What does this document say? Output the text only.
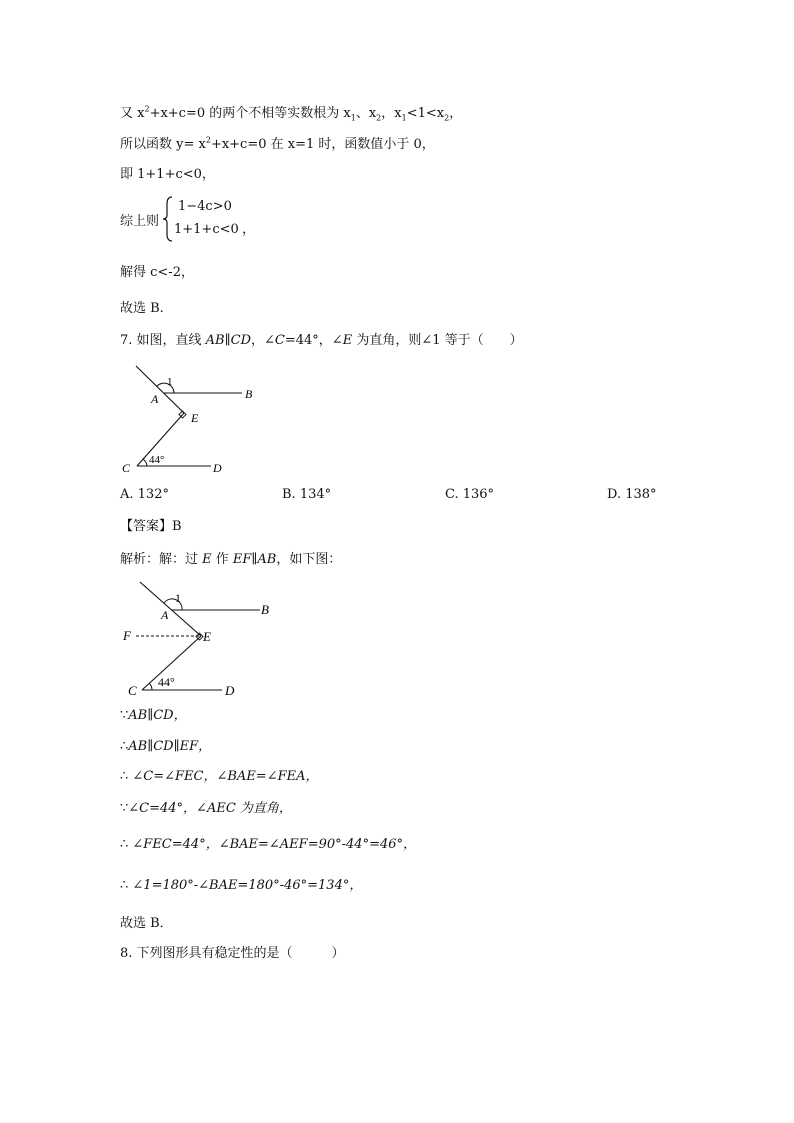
又 $x^2+x+c=0$ 的两个不相等实数根为 $x_1$、$x_2$，$x_1<1<x_2$，
所以函数 $y= x^2+x+c=0$ 在 x=1 时，函数值小于 0，
即 1+1+c<0，
综上则
1−4c>0
1+1+c<0 ，
解得 c<-2，
故选 B.
7. 如图，直线 AB∥CD，∠C=44°，∠E 为直角，则∠1 等于（　　）
1
A	B
E
C	D
44°
A. 132°	B. 134°	C. 136°	D. 138°
【答案】B
解析：解：过 E 作 EF∥AB，如下图：
1
A	B
F	E
C	D
44°
∵AB∥CD，
∴AB∥CD∥EF，
∴ ∠C=∠FEC，∠BAE=∠FEA，
∵∠C=44°，∠AEC 为直角，
∴ ∠FEC=44°，∠BAE=∠AEF=90°-44°=46°，
∴ ∠1=180°-∠BAE=180°-46°=134°，
故选 B．
8. 下列图形具有稳定性的是（　　　）
